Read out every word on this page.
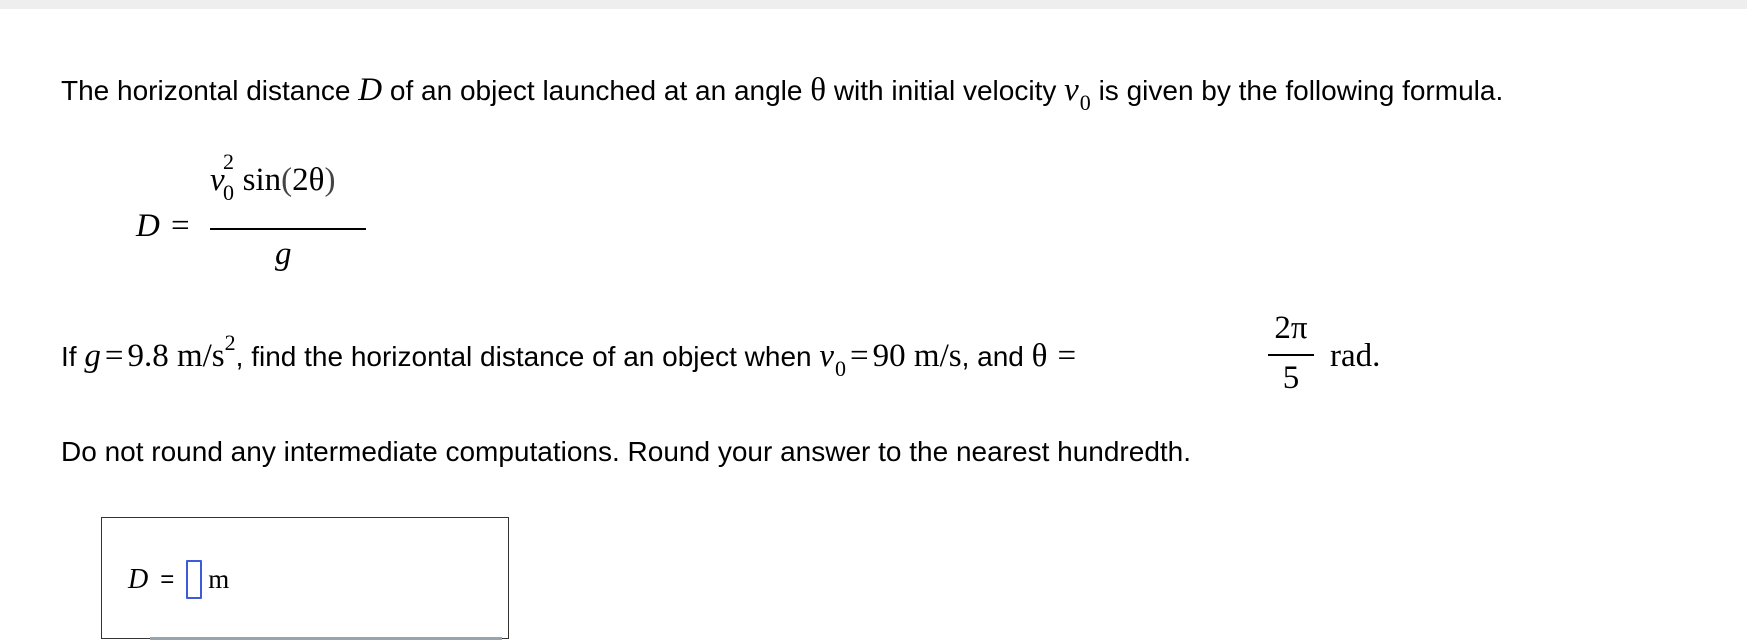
The horizontal distance D of an object launched at an angle θ with initial velocity $v_0$ is given by the following formula.
D =
v
2
0 sin(2θ)
g
If g = 9.8 $m/s^2$, find the horizontal distance of an object when $v_0 = 90$ m/s, and θ =
2π
5
rad.
Do not round any intermediate computations. Round your answer to the nearest hundredth.
D = m
